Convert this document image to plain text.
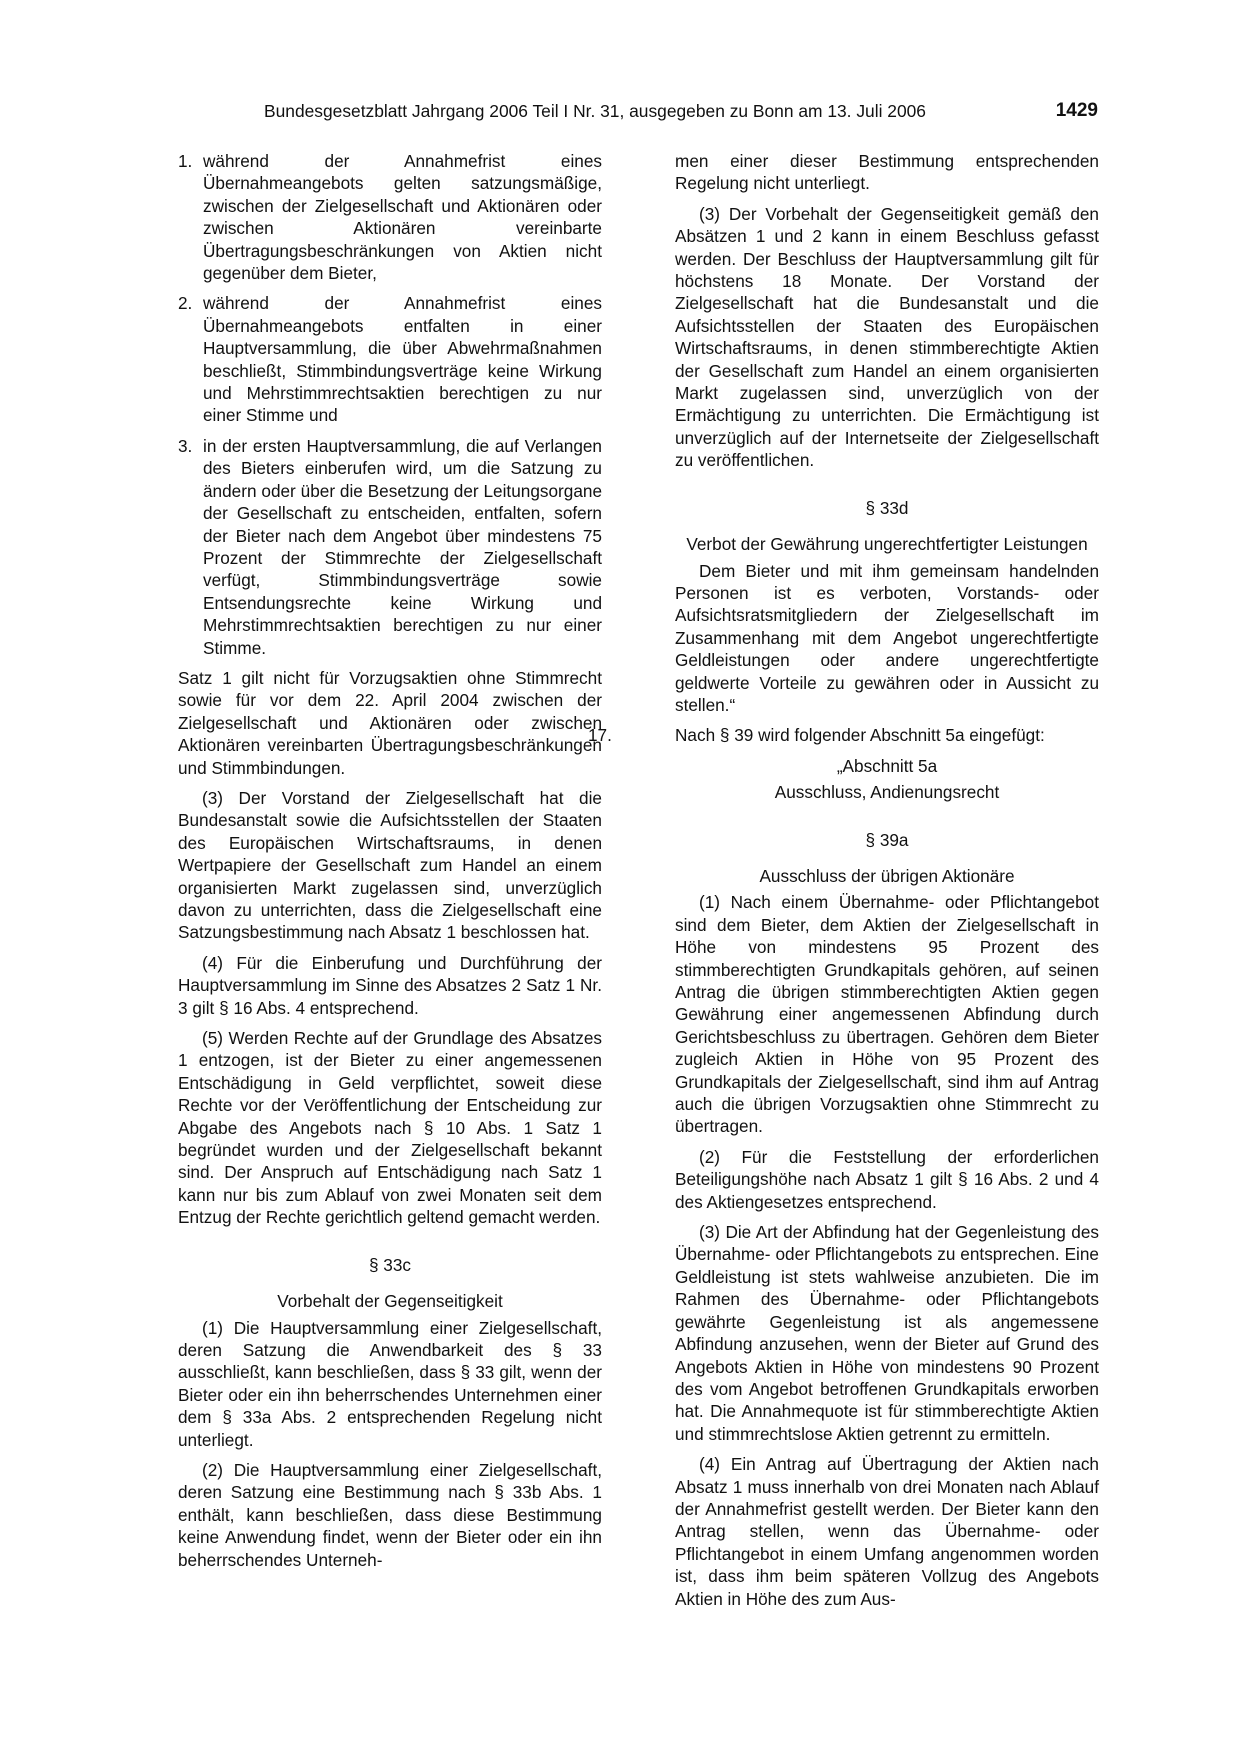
Bundesgesetzblatt Jahrgang 2006 Teil I Nr. 31, ausgegeben zu Bonn am 13. Juli 2006	1429
1. während der Annahmefrist eines Übernahmeangebots gelten satzungsmäßige, zwischen der Zielgesellschaft und Aktionären oder zwischen Aktionären vereinbarte Übertragungsbeschränkungen von Aktien nicht gegenüber dem Bieter,

2. während der Annahmefrist eines Übernahmeangebots entfalten in einer Hauptversammlung, die über Abwehrmaßnahmen beschließt, Stimmbindungsverträge keine Wirkung und Mehrstimmrechtsaktien berechtigen zu nur einer Stimme und

3. in der ersten Hauptversammlung, die auf Verlangen des Bieters einberufen wird, um die Satzung zu ändern oder über die Besetzung der Leitungsorgane der Gesellschaft zu entscheiden, entfalten, sofern der Bieter nach dem Angebot über mindestens 75 Prozent der Stimmrechte der Zielgesellschaft verfügt, Stimmbindungsverträge sowie Entsendungsrechte keine Wirkung und Mehrstimmrechtsaktien berechtigen zu nur einer Stimme.

Satz 1 gilt nicht für Vorzugsaktien ohne Stimmrecht sowie für vor dem 22. April 2004 zwischen der Zielgesellschaft und Aktionären oder zwischen Aktionären vereinbarten Übertragungsbeschränkungen und Stimmbindungen.

(3) Der Vorstand der Zielgesellschaft hat die Bundesanstalt sowie die Aufsichtsstellen der Staaten des Europäischen Wirtschaftsraums, in denen Wertpapiere der Gesellschaft zum Handel an einem organisierten Markt zugelassen sind, unverzüglich davon zu unterrichten, dass die Zielgesellschaft eine Satzungsbestimmung nach Absatz 1 beschlossen hat.

(4) Für die Einberufung und Durchführung der Hauptversammlung im Sinne des Absatzes 2 Satz 1 Nr. 3 gilt § 16 Abs. 4 entsprechend.

(5) Werden Rechte auf der Grundlage des Absatzes 1 entzogen, ist der Bieter zu einer angemessenen Entschädigung in Geld verpflichtet, soweit diese Rechte vor der Veröffentlichung der Entscheidung zur Abgabe des Angebots nach § 10 Abs. 1 Satz 1 begründet wurden und der Zielgesellschaft bekannt sind. Der Anspruch auf Entschädigung nach Satz 1 kann nur bis zum Ablauf von zwei Monaten seit dem Entzug der Rechte gerichtlich geltend gemacht werden.

§ 33c

Vorbehalt der Gegenseitigkeit

(1) Die Hauptversammlung einer Zielgesellschaft, deren Satzung die Anwendbarkeit des § 33 ausschließt, kann beschließen, dass § 33 gilt, wenn der Bieter oder ein ihn beherrschendes Unternehmen einer dem § 33a Abs. 2 entsprechenden Regelung nicht unterliegt.

(2) Die Hauptversammlung einer Zielgesellschaft, deren Satzung eine Bestimmung nach § 33b Abs. 1 enthält, kann beschließen, dass diese Bestimmung keine Anwendung findet, wenn der Bieter oder ein ihn beherrschendes Unterneh-

men einer dieser Bestimmung entsprechenden Regelung nicht unterliegt.

(3) Der Vorbehalt der Gegenseitigkeit gemäß den Absätzen 1 und 2 kann in einem Beschluss gefasst werden. Der Beschluss der Hauptversammlung gilt für höchstens 18 Monate. Der Vorstand der Zielgesellschaft hat die Bundesanstalt und die Aufsichtsstellen der Staaten des Europäischen Wirtschaftsraums, in denen stimmberechtigte Aktien der Gesellschaft zum Handel an einem organisierten Markt zugelassen sind, unverzüglich von der Ermächtigung zu unterrichten. Die Ermächtigung ist unverzüglich auf der Internetseite der Zielgesellschaft zu veröffentlichen.

§ 33d

Verbot der Gewährung ungerechtfertigter Leistungen

Dem Bieter und mit ihm gemeinsam handelnden Personen ist es verboten, Vorstands- oder Aufsichtsratsmitgliedern der Zielgesellschaft im Zusammenhang mit dem Angebot ungerechtfertigte Geldleistungen oder andere ungerechtfertigte geldwerte Vorteile zu gewähren oder in Aussicht zu stellen.“

17.	Nach § 39 wird folgender Abschnitt 5a eingefügt:

„Abschnitt 5a

Ausschluss, Andienungsrecht

§ 39a

Ausschluss der übrigen Aktionäre

(1) Nach einem Übernahme- oder Pflichtangebot sind dem Bieter, dem Aktien der Zielgesellschaft in Höhe von mindestens 95 Prozent des stimmberechtigten Grundkapitals gehören, auf seinen Antrag die übrigen stimmberechtigten Aktien gegen Gewährung einer angemessenen Abfindung durch Gerichtsbeschluss zu übertragen. Gehören dem Bieter zugleich Aktien in Höhe von 95 Prozent des Grundkapitals der Zielgesellschaft, sind ihm auf Antrag auch die übrigen Vorzugsaktien ohne Stimmrecht zu übertragen.

(2) Für die Feststellung der erforderlichen Beteiligungshöhe nach Absatz 1 gilt § 16 Abs. 2 und 4 des Aktiengesetzes entsprechend.

(3) Die Art der Abfindung hat der Gegenleistung des Übernahme- oder Pflichtangebots zu entsprechen. Eine Geldleistung ist stets wahlweise anzubieten. Die im Rahmen des Übernahme- oder Pflichtangebots gewährte Gegenleistung ist als angemessene Abfindung anzusehen, wenn der Bieter auf Grund des Angebots Aktien in Höhe von mindestens 90 Prozent des vom Angebot betroffenen Grundkapitals erworben hat. Die Annahmequote ist für stimmberechtigte Aktien und stimmrechtslose Aktien getrennt zu ermitteln.

(4) Ein Antrag auf Übertragung der Aktien nach Absatz 1 muss innerhalb von drei Monaten nach Ablauf der Annahmefrist gestellt werden. Der Bieter kann den Antrag stellen, wenn das Übernahme- oder Pflichtangebot in einem Umfang angenommen worden ist, dass ihm beim späteren Vollzug des Angebots Aktien in Höhe des zum Aus-
